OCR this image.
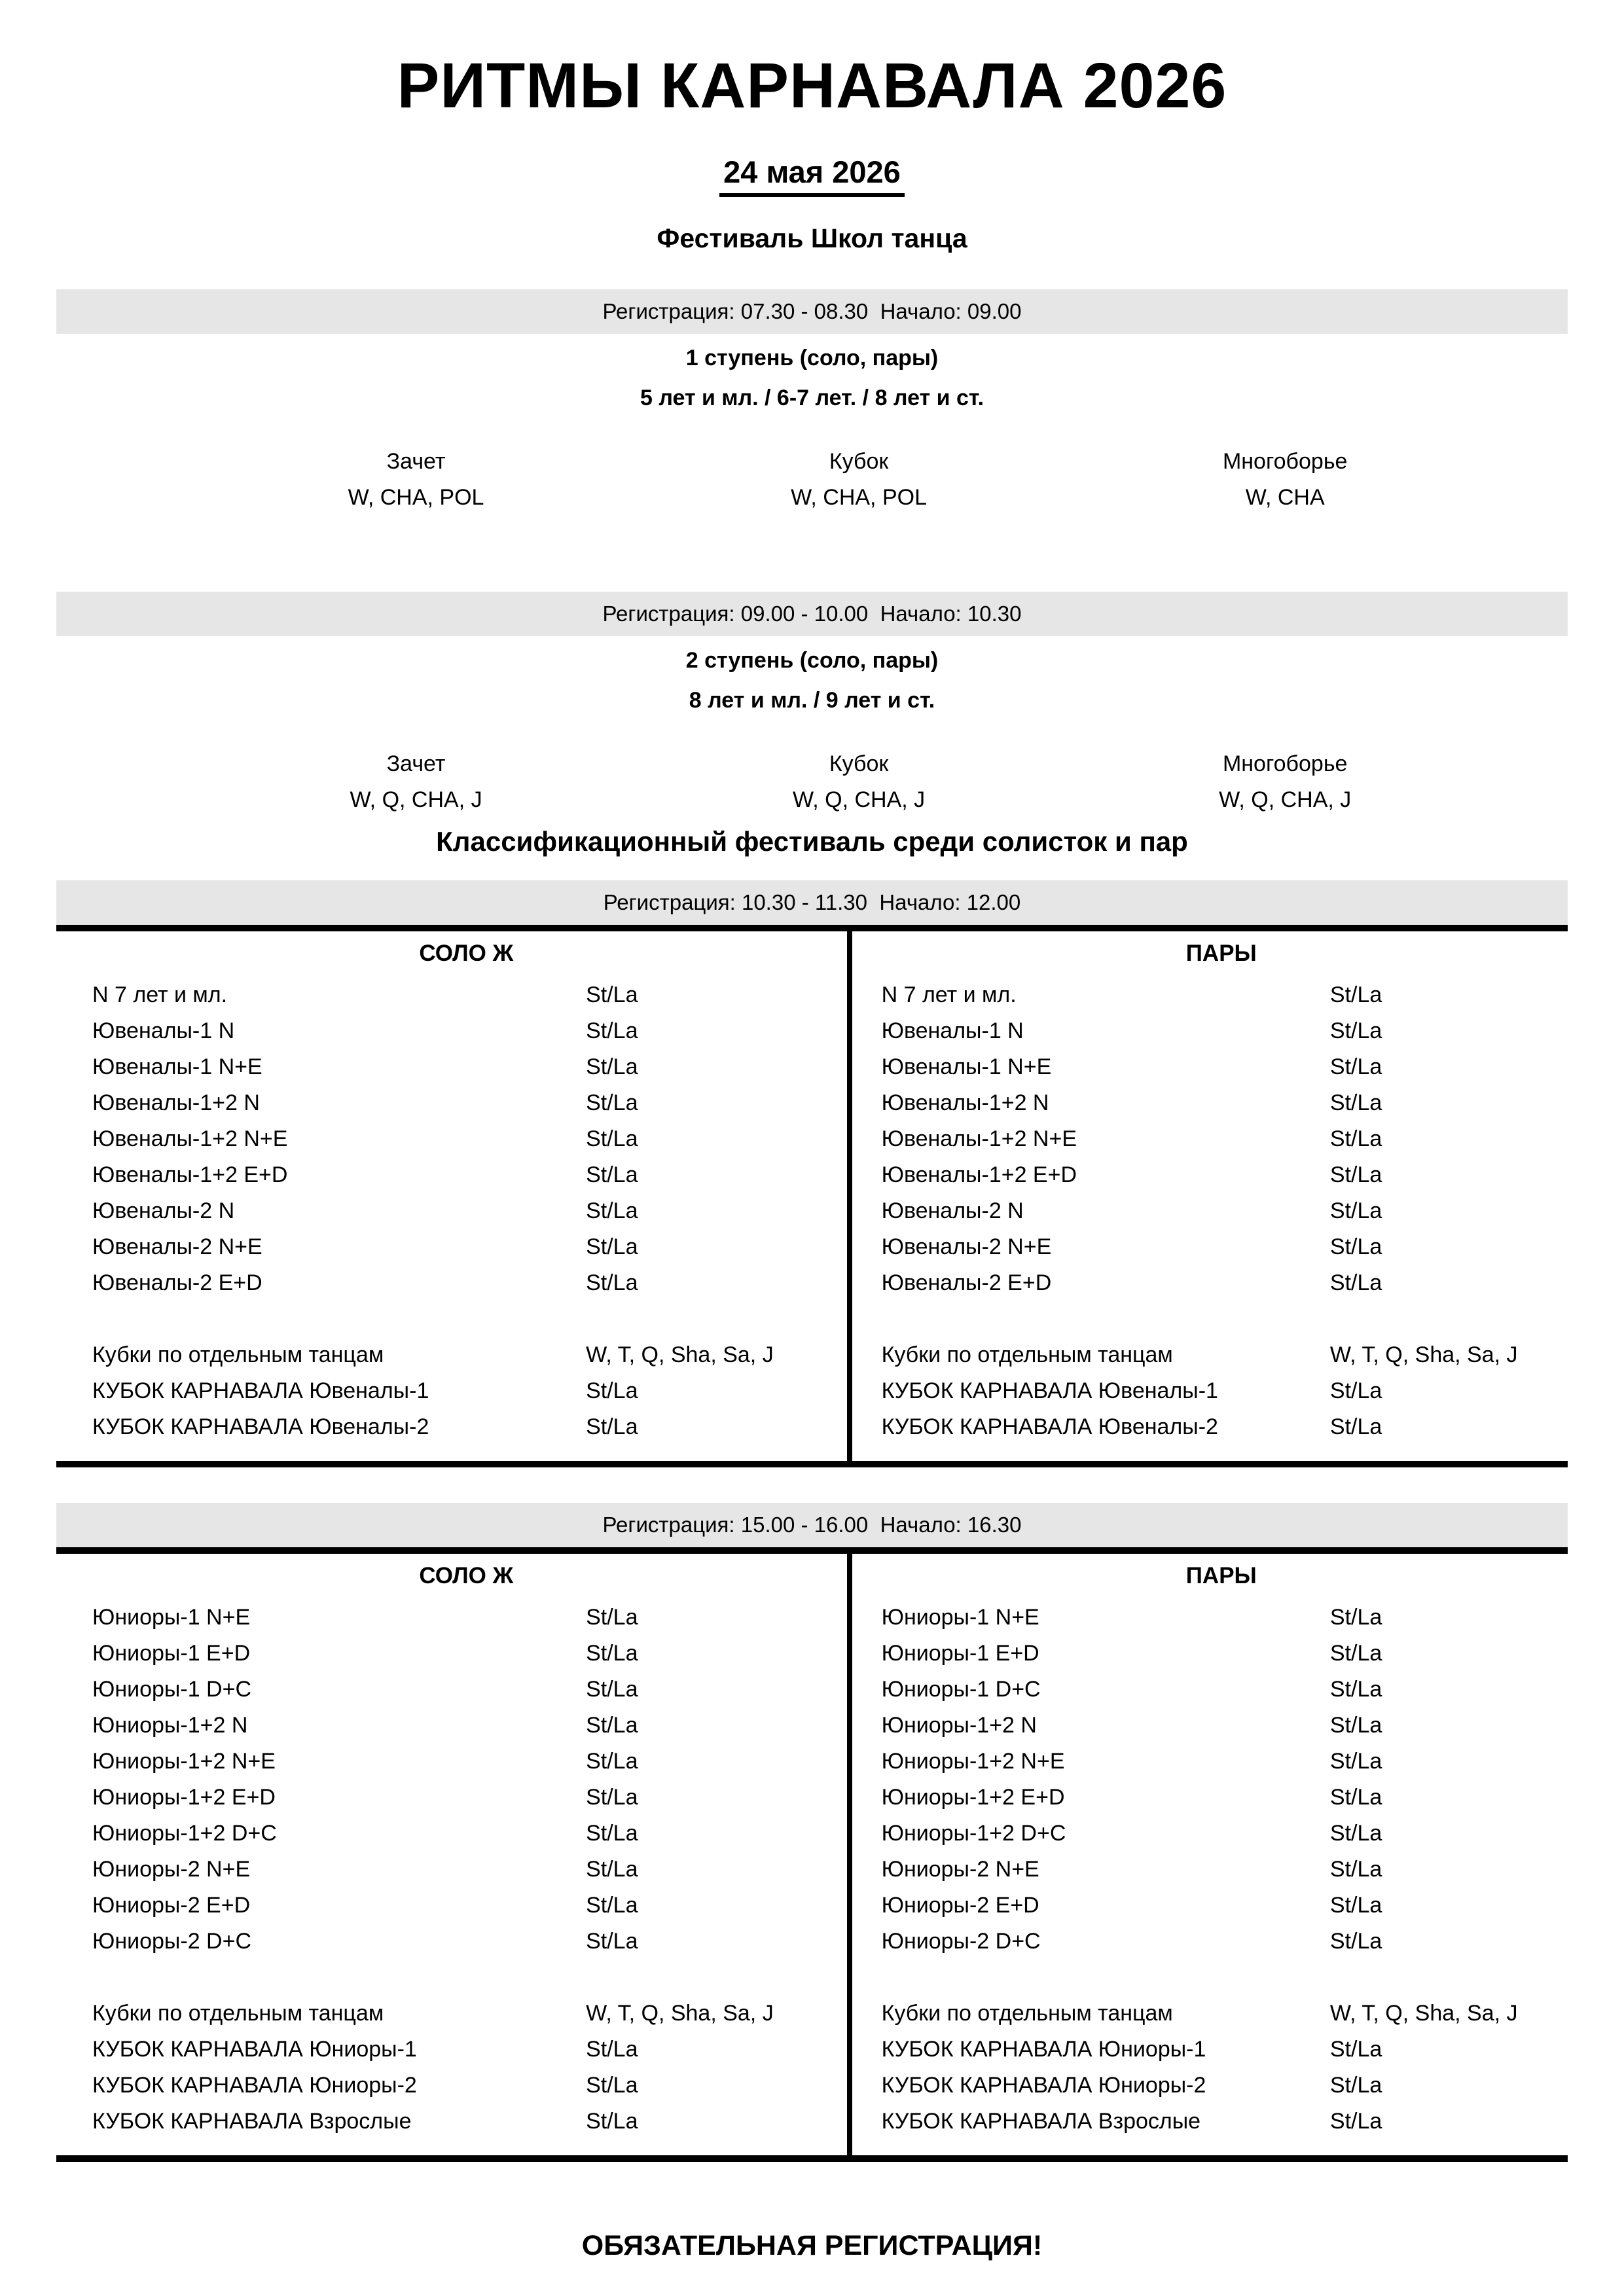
РИТМЫ КАРНАВАЛА 2026
24 мая 2026
Фестиваль Школ танца
Регистрация: 07.30 - 08.30  Начало: 09.00
1 ступень (соло, пары)
5 лет и мл. / 6-7 лет. / 8 лет и ст.
Зачет
W, CHA, POL
Кубок
W, CHA, POL
Многоборье
W, CHA
Регистрация: 09.00 - 10.00  Начало: 10.30
2 ступень (соло, пары)
8 лет и мл. / 9 лет и ст.
Зачет
W, Q, CHA, J
Кубок
W, Q, CHA, J
Многоборье
W, Q, CHA, J
Классификационный фестиваль среди солисток и пар
Регистрация: 10.30 - 11.30  Начало: 12.00
СОЛО Ж
N 7 лет и мл.	St/La
Ювеналы-1 N	St/La
Ювеналы-1 N+E	St/La
Ювеналы-1+2 N	St/La
Ювеналы-1+2 N+E	St/La
Ювеналы-1+2 E+D	St/La
Ювеналы-2 N	St/La
Ювеналы-2 N+E	St/La
Ювеналы-2 E+D	St/La
Кубки по отдельным танцам	W, T, Q, Sha, Sa, J
КУБОК КАРНАВАЛА Ювеналы-1	St/La
КУБОК КАРНАВАЛА Ювеналы-2	St/La
ПАРЫ
N 7 лет и мл.	St/La
Ювеналы-1 N	St/La
Ювеналы-1 N+E	St/La
Ювеналы-1+2 N	St/La
Ювеналы-1+2 N+E	St/La
Ювеналы-1+2 E+D	St/La
Ювеналы-2 N	St/La
Ювеналы-2 N+E	St/La
Ювеналы-2 E+D	St/La
Кубки по отдельным танцам	W, T, Q, Sha, Sa, J
КУБОК КАРНАВАЛА Ювеналы-1	St/La
КУБОК КАРНАВАЛА Ювеналы-2	St/La
Регистрация: 15.00 - 16.00  Начало: 16.30
СОЛО Ж
Юниоры-1 N+E	St/La
Юниоры-1 E+D	St/La
Юниоры-1 D+C	St/La
Юниоры-1+2 N	St/La
Юниоры-1+2 N+E	St/La
Юниоры-1+2 E+D	St/La
Юниоры-1+2 D+C	St/La
Юниоры-2 N+E	St/La
Юниоры-2 E+D	St/La
Юниоры-2 D+C	St/La
Кубки по отдельным танцам	W, T, Q, Sha, Sa, J
КУБОК КАРНАВАЛА Юниоры-1	St/La
КУБОК КАРНАВАЛА Юниоры-2	St/La
КУБОК КАРНАВАЛА Взрослые	St/La
ПАРЫ
Юниоры-1 N+E	St/La
Юниоры-1 E+D	St/La
Юниоры-1 D+C	St/La
Юниоры-1+2 N	St/La
Юниоры-1+2 N+E	St/La
Юниоры-1+2 E+D	St/La
Юниоры-1+2 D+C	St/La
Юниоры-2 N+E	St/La
Юниоры-2 E+D	St/La
Юниоры-2 D+C	St/La
Кубки по отдельным танцам	W, T, Q, Sha, Sa, J
КУБОК КАРНАВАЛА Юниоры-1	St/La
КУБОК КАРНАВАЛА Юниоры-2	St/La
КУБОК КАРНАВАЛА Взрослые	St/La
ОБЯЗАТЕЛЬНАЯ РЕГИСТРАЦИЯ!
